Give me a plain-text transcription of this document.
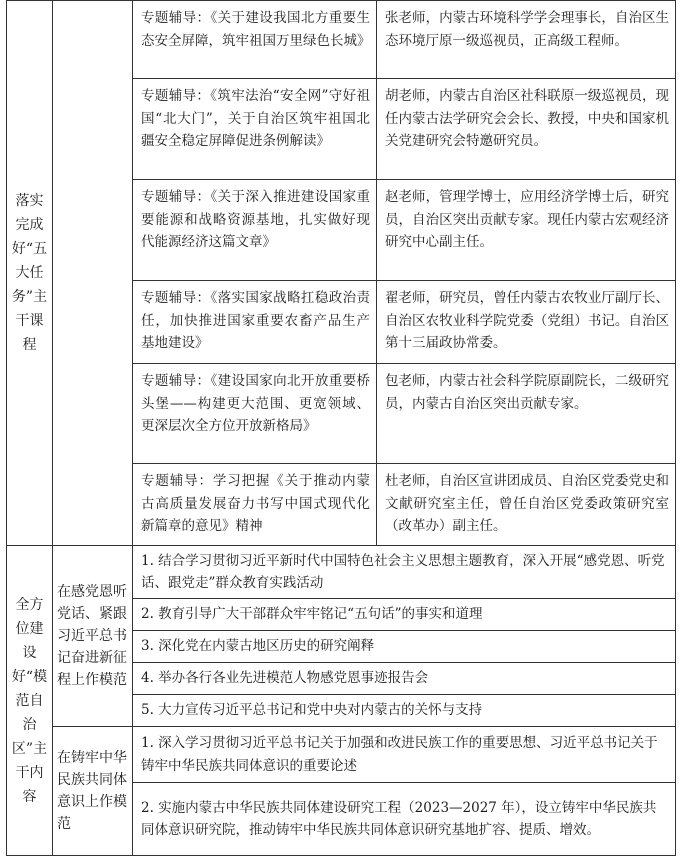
落实完成好“五大任务”主干课程		专题辅导：《关于建设我国北方重要生态安全屏障，筑牢祖国万里绿色长城》	张老师，内蒙古环境科学学会理事长，自治区生态环境厅原一级巡视员，正高级工程师。
		专题辅导：《筑牢法治“安全网”守好祖国“北大门”，关于自治区筑牢祖国北疆安全稳定屏障促进条例解读》	胡老师，内蒙古自治区社科联原一级巡视员，现任内蒙古法学研究会会长、教授，中央和国家机关党建研究会特邀研究员。
		专题辅导：《关于深入推进建设国家重要能源和战略资源基地，扎实做好现代能源经济这篇文章》	赵老师，管理学博士，应用经济学博士后，研究员，自治区突出贡献专家。现任内蒙古宏观经济研究中心副主任。
		专题辅导：《落实国家战略扛稳政治责任，加快推进国家重要农畜产品生产基地建设》	翟老师，研究员，曾任内蒙古农牧业厅副厅长、自治区农牧业科学院党委（党组）书记。自治区第十三届政协常委。
		专题辅导：《建设国家向北开放重要桥头堡——构建更大范围、更宽领域、更深层次全方位开放新格局》	包老师，内蒙古社会科学院原副院长，二级研究员，内蒙古自治区突出贡献专家。
		专题辅导：学习把握《关于推动内蒙古高质量发展奋力书写中国式现代化新篇章的意见》精神	杜老师，自治区宣讲团成员、自治区党委党史和文献研究室主任，曾任自治区党委政策研究室（改革办）副主任。
全方位建设好“模范自治区”主干内容	在感党恩听党话、紧跟习近平总书记奋进新征程上作模范	1. 结合学习贯彻习近平新时代中国特色社会主义思想主题教育，深入开展“感党恩、听党话、跟党走”群众教育实践活动	
		2. 教育引导广大干部群众牢牢铭记“五句话”的事实和道理	
		3. 深化党在内蒙古地区历史的研究阐释	
		4. 举办各行各业先进模范人物感党恩事迹报告会	
		5. 大力宣传习近平总书记和党中央对内蒙古的关怀与支持	
	在铸牢中华民族共同体意识上作模范	1. 深入学习贯彻习近平总书记关于加强和改进民族工作的重要思想、习近平总书记关于铸牢中华民族共同体意识的重要论述	
		2. 实施内蒙古中华民族共同体建设研究工程（2023—2027 年），设立铸牢中华民族共同体意识研究院，推动铸牢中华民族共同体意识研究基地扩容、提质、增效。	
